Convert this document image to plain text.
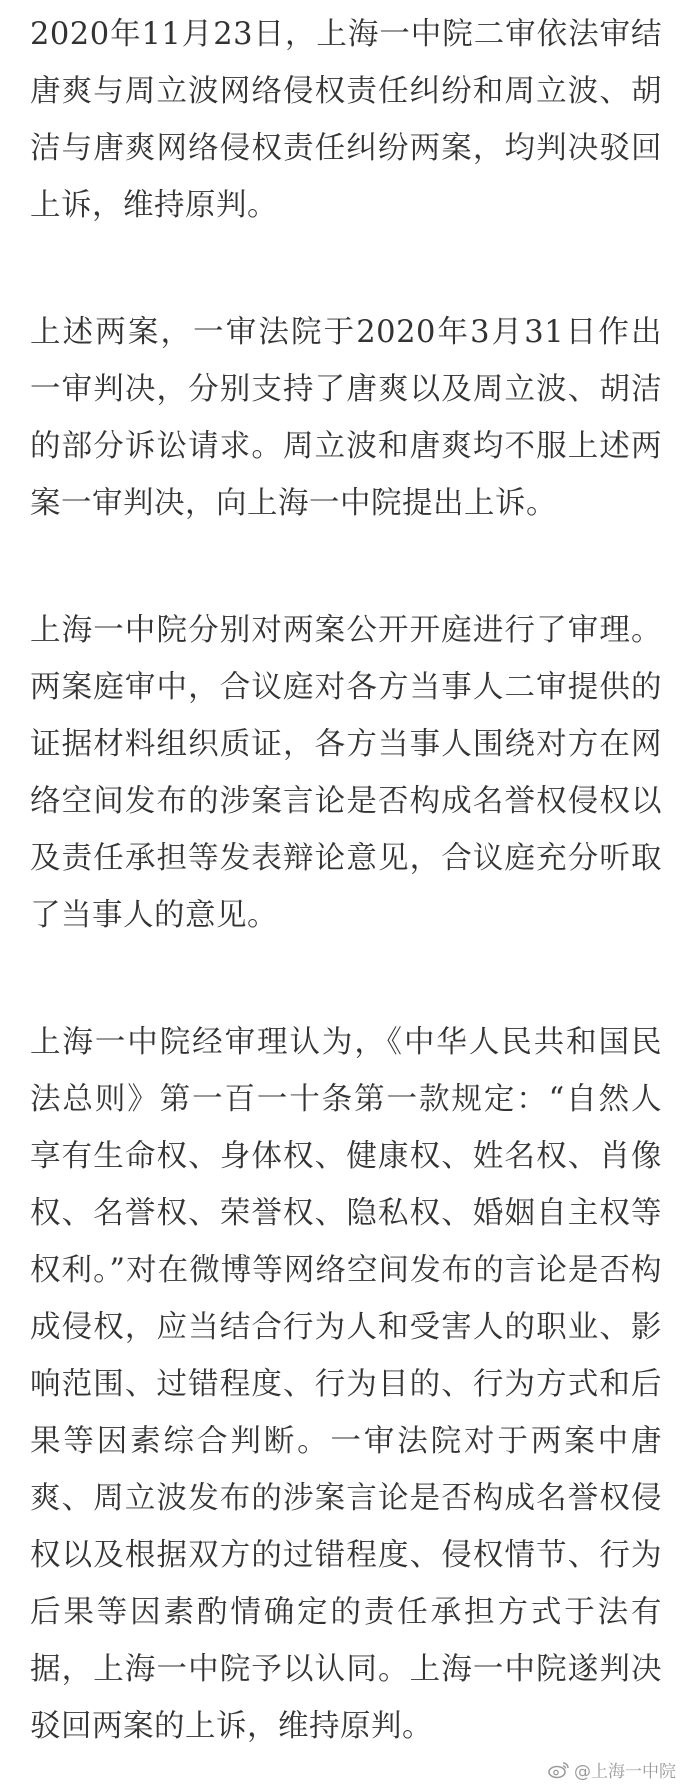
2020年11月23日，上海一中院二审依法审结唐爽与周立波网络侵权责任纠纷和周立波、胡洁与唐爽网络侵权责任纠纷两案，均判决驳回上诉，维持原判。

上述两案，一审法院于2020年3月31日作出一审判决，分别支持了唐爽以及周立波、胡洁的部分诉讼请求。周立波和唐爽均不服上述两案一审判决，向上海一中院提出上诉。

上海一中院分别对两案公开开庭进行了审理。两案庭审中，合议庭对各方当事人二审提供的证据材料组织质证，各方当事人围绕对方在网络空间发布的涉案言论是否构成名誉权侵权以及责任承担等发表辩论意见，合议庭充分听取了当事人的意见。

上海一中院经审理认为，《中华人民共和国民法总则》第一百一十条第一款规定：“自然人享有生命权、身体权、健康权、姓名权、肖像权、名誉权、荣誉权、隐私权、婚姻自主权等权利。”对在微博等网络空间发布的言论是否构成侵权，应当结合行为人和受害人的职业、影响范围、过错程度、行为目的、行为方式和后果等因素综合判断。一审法院对于两案中唐爽、周立波发布的涉案言论是否构成名誉权侵权以及根据双方的过错程度、侵权情节、行为后果等因素酌情确定的责任承担方式于法有据，上海一中院予以认同。上海一中院遂判决驳回两案的上诉，维持原判。

@上海一中院
